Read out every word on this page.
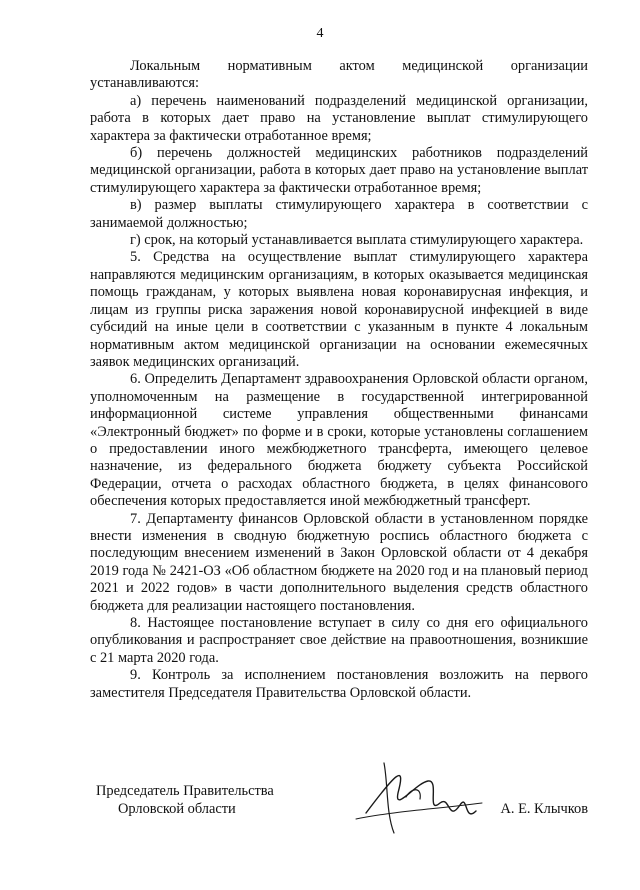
4

Локальным нормативным актом медицинской организации устанавливаются:

а) перечень наименований подразделений медицинской организации, работа в которых дает право на установление выплат стимулирующего характера за фактически отработанное время;

б) перечень должностей медицинских работников подразделений медицинской организации, работа в которых дает право на установление выплат стимулирующего характера за фактически отработанное время;

в) размер выплаты стимулирующего характера в соответствии с занимаемой должностью;

г) срок, на который устанавливается выплата стимулирующего характера.

5. Средства на осуществление выплат стимулирующего характера направляются медицинским организациям, в которых оказывается медицинская помощь гражданам, у которых выявлена новая коронавирусная инфекция, и лицам из группы риска заражения новой коронавирусной инфекцией в виде субсидий на иные цели в соответствии с указанным в пункте 4 локальным нормативным актом медицинской организации на основании ежемесячных заявок медицинских организаций.

6. Определить Департамент здравоохранения Орловской области органом, уполномоченным на размещение в государственной интегрированной информационной системе управления общественными финансами «Электронный бюджет» по форме и в сроки, которые установлены соглашением о предоставлении иного межбюджетного трансферта, имеющего целевое назначение, из федерального бюджета бюджету субъекта Российской Федерации, отчета о расходах областного бюджета, в целях финансового обеспечения которых предоставляется иной межбюджетный трансферт.

7. Департаменту финансов Орловской области в установленном порядке внести изменения в сводную бюджетную роспись областного бюджета с последующим внесением изменений в Закон Орловской области от 4 декабря 2019 года № 2421-ОЗ «Об областном бюджете на 2020 год и на плановый период 2021 и 2022 годов» в части дополнительного выделения средств областного бюджета для реализации настоящего постановления.

8. Настоящее постановление вступает в силу со дня его официального опубликования и распространяет свое действие на правоотношения, возникшие с 21 марта 2020 года.

9. Контроль за исполнением постановления возложить на первого заместителя Председателя Правительства Орловской области.

Председатель Правительства
Орловской области	А. Е. Клычков
